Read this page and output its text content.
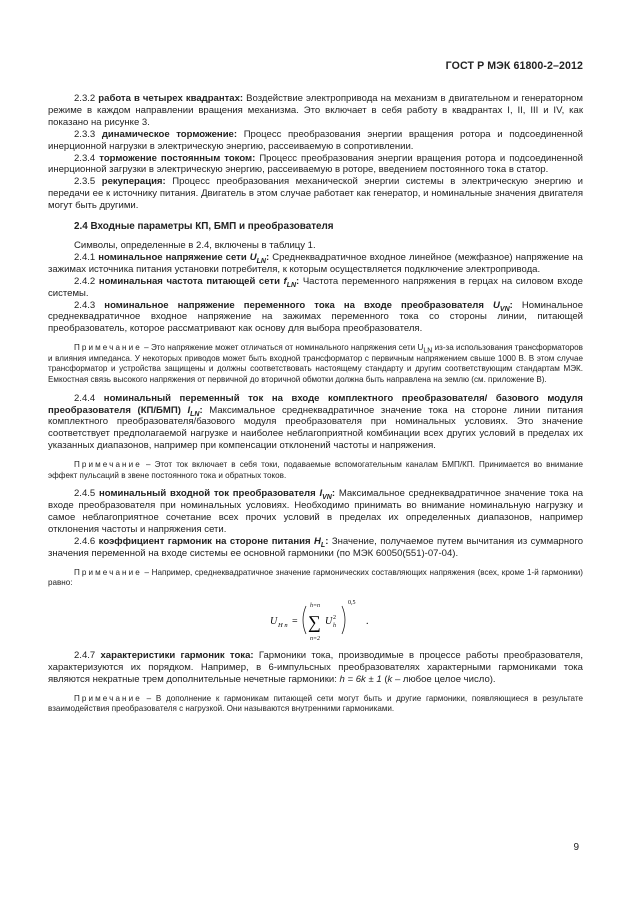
ГОСТ Р МЭК 61800-2–2012

2.3.2 работа в четырех квадрантах: Воздействие электропривода на механизм в двигательном и генераторном режиме в каждом направлении вращения механизма. Это включает в себя работу в квадрантах I, II, III и IV, как показано на рисунке 3.

2.3.3 динамическое торможение: Процесс преобразования энергии вращения ротора и подсоединенной инерционной нагрузки в электрическую энергию, рассеиваемую в сопротивлении.

2.3.4 торможение постоянным током: Процесс преобразования энергии вращения ротора и подсоединенной инерционной загрузки в электрическую энергию, рассеиваемую в роторе, введением постоянного тока в статор.

2.3.5 рекуперация: Процесс преобразования механической энергии системы в электрическую энергию и передачи ее к источнику питания. Двигатель в этом случае работает как генератор, и номинальные значения двигателя могут быть другими.

2.4 Входные параметры КП, БМП и преобразователя

Символы, определенные в 2.4, включены в таблицу 1.

2.4.1 номинальное напряжение сети $U_{LN}$: Среднеквадратичное входное линейное (межфазное) напряжение на зажимах источника питания установки потребителя, к которым осуществляется подключение электропривода.

2.4.2 номинальная частота питающей сети $f_{LN}$: Частота переменного напряжения в герцах на силовом входе системы.

2.4.3 номинальное напряжение переменного тока на входе преобразователя $U_{VN}$: Номинальное среднеквадратичное входное напряжение на зажимах переменного тока со стороны линии, питающей преобразователь, которое рассматривают как основу для выбора преобразователя.

Примечание – Это напряжение может отличаться от номинального напряжения сети $U_{LN}$ из-за использования трансформаторов и влияния импеданса. У некоторых приводов может быть входной трансформатор с первичным напряжением свыше 1000 В. В этом случае трансформатор и устройства защищены и должны соответствовать настоящему стандарту и другим соответствующим стандартам МЭК. Емкостная связь высокого напряжения от первичной до вторичной обмотки должна быть направлена на землю (см. приложение В).

2.4.4 номинальный переменный ток на входе комплектного преобразователя/ базового модуля преобразователя (КП/БМП) $I_{LN}$: Максимальное среднеквадратичное значение тока на стороне линии питания комплектного преобразователя/базового модуля преобразователя при номинальных условиях. Это значение соответствует предполагаемой нагрузке и наиболее неблагоприятной комбинации всех других условий в пределах их указанных диапазонов, например при компенсации отклонений частоты и напряжения.

Примечание – Этот ток включает в себя токи, подаваемые вспомогательным каналам БМП/КП. Принимается во внимание эффект пульсаций в звене постоянного тока и обратных токов.

2.4.5 номинальный входной ток преобразователя $I_{VN}$: Максимальное среднеквадратичное значение тока на входе преобразователя при номинальных условиях. Необходимо принимать во внимание номинальную нагрузку и самое неблагоприятное сочетание всех прочих условий в пределах их определенных диапазонов, например отклонения частоты и напряжения сети.

2.4.6 коэффициент гармоник на стороне питания $H_L$: Значение, получаемое путем вычитания из суммарного значения переменной на входе системы ее основной гармоники (по МЭК 60050(551)-07-04).

Примечание – Например, среднеквадратичное значение гармонических составляющих напряжения (всех, кроме 1-й гармоники) равно:

U H n =
h=n
∑
n=2
U 2
h
0,5
.

2.4.7 характеристики гармоник тока: Гармоники тока, производимые в процессе работы преобразователя, характеризуются их порядком. Например, в 6-импульсных преобразователях характерными гармониками тока являются некратные трем дополнительные нечетные гармоники: h = 6k ± 1 (k – любое целое число).

Примечание – В дополнение к гармоникам питающей сети могут быть и другие гармоники, появляющиеся в результате взаимодействия преобразователя с нагрузкой. Они называются внутренними гармониками.

9
